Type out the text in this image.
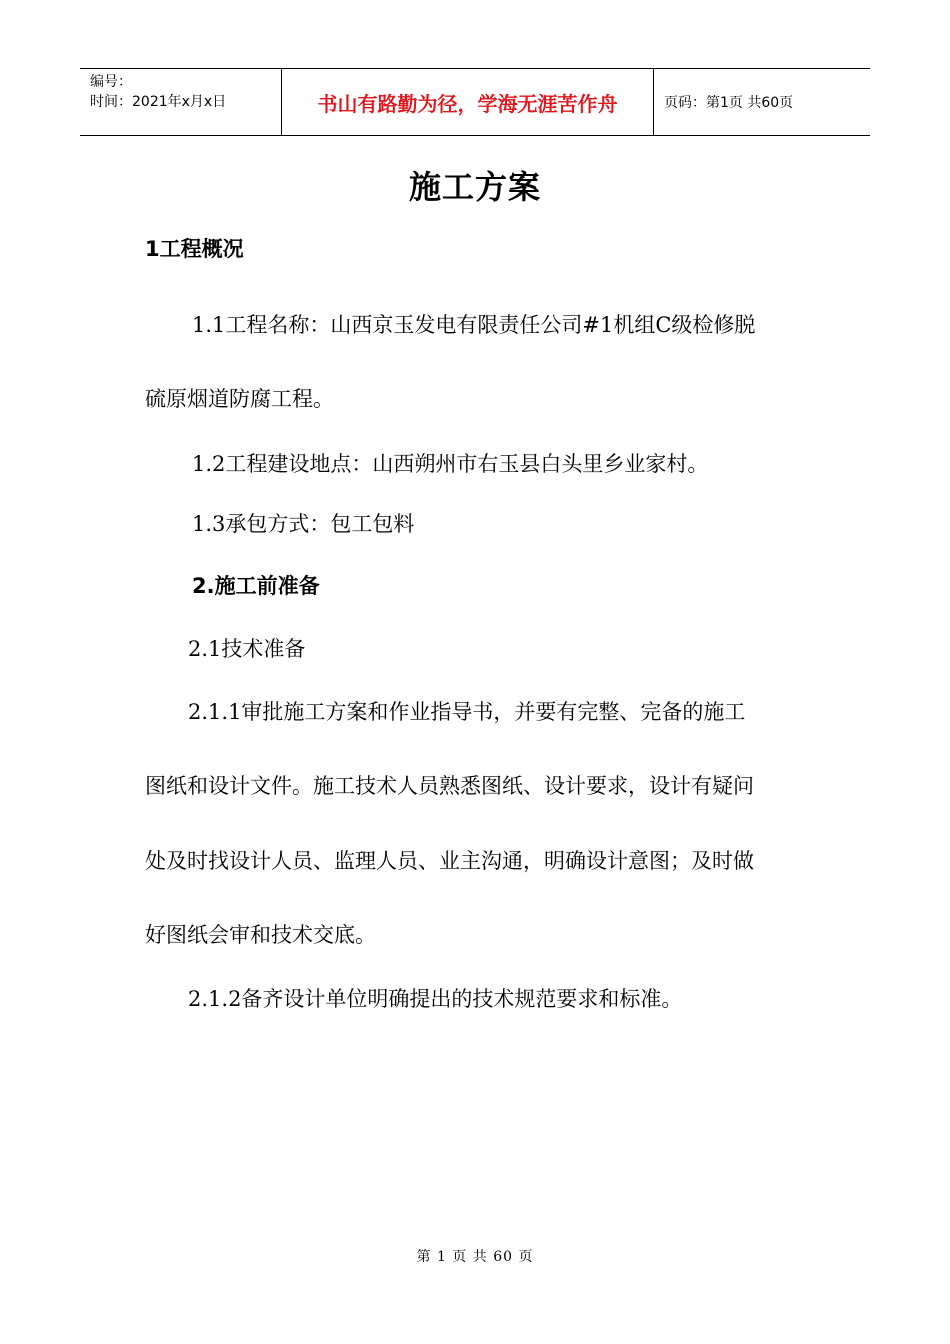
编号：
时间：2021年x月x日	书山有路勤为径，学海无涯苦作舟	页码：第1页 共60页
施工方案
1工程概况
1.1工程名称：山西京玉发电有限责任公司#1机组C级检修脱
硫原烟道防腐工程。
1.2工程建设地点：山西朔州市右玉县白头里乡业家村。
1.3承包方式：包工包料
2.施工前准备
2.1技术准备
2.1.1审批施工方案和作业指导书，并要有完整、完备的施工
图纸和设计文件。施工技术人员熟悉图纸、设计要求，设计有疑问
处及时找设计人员、监理人员、业主沟通，明确设计意图；及时做
好图纸会审和技术交底。
2.1.2备齐设计单位明确提出的技术规范要求和标准。
第 1 页 共 60 页
